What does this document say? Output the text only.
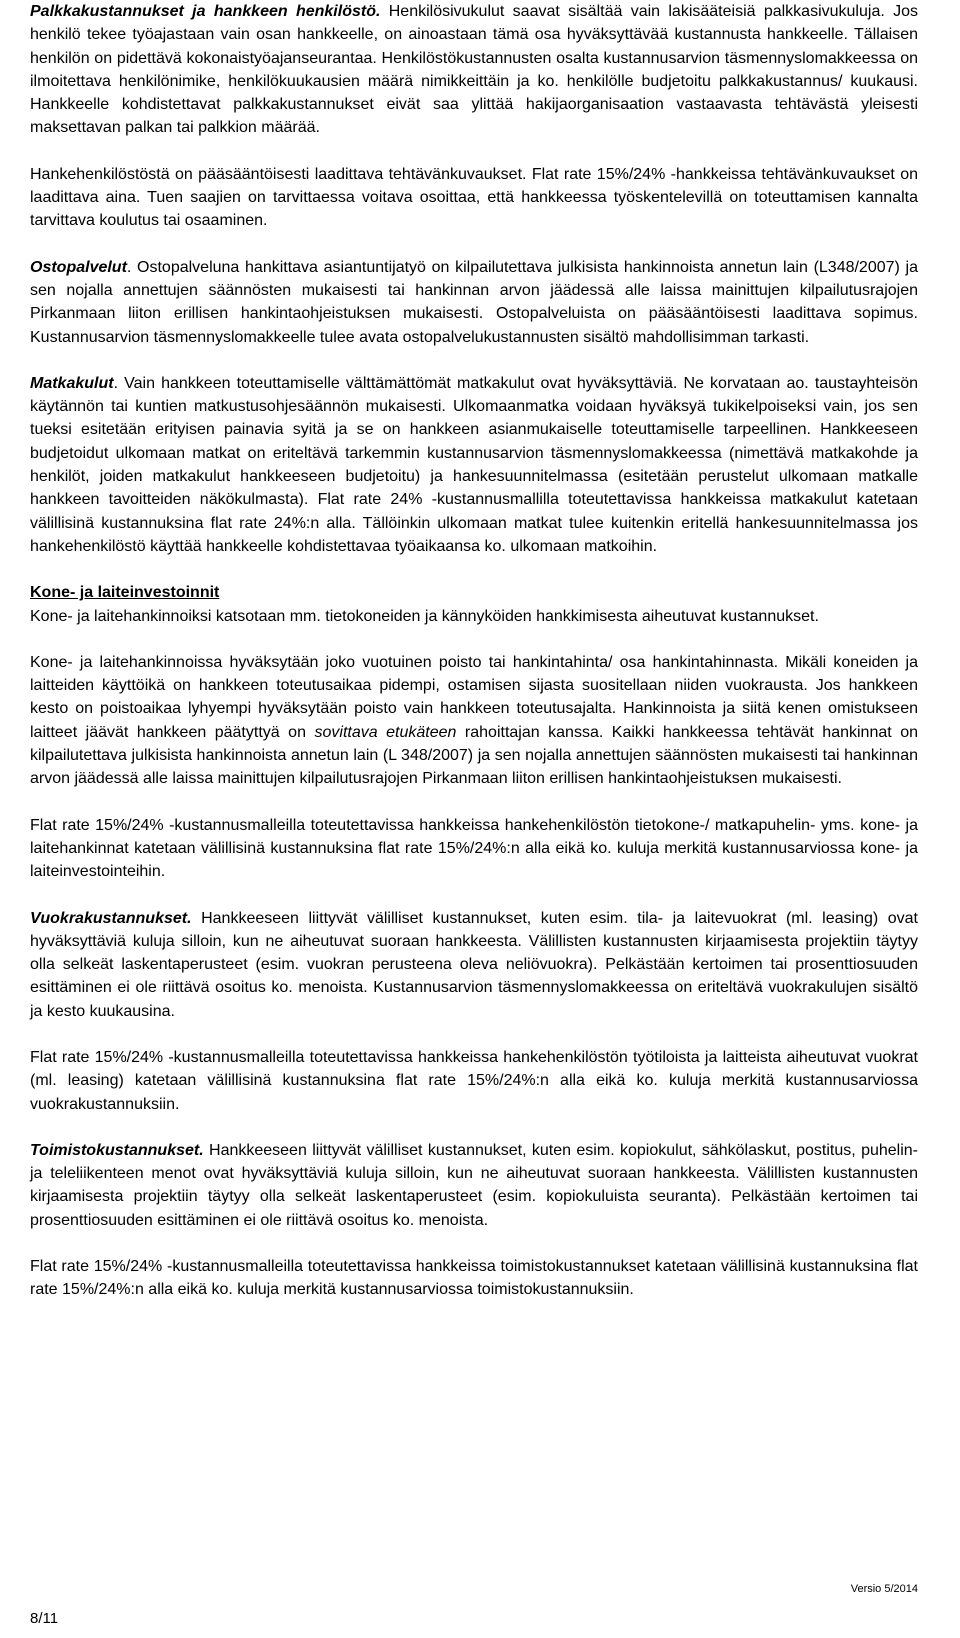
Palkkakustannukset ja hankkeen henkilöstö. Henkilösivukulut saavat sisältää vain lakisääteisiä palkkasivukuluja. Jos henkilö tekee työajastaan vain osan hankkeelle, on ainoastaan tämä osa hyväksyttävää kustannusta hankkeelle. Tällaisen henkilön on pidettävä kokonaistyöajanseurantaa. Henkilöstökustannusten osalta kustannusarvion täsmennyslomakkeessa on ilmoitettava henkilönimike, henkilökuukausien määrä nimikkeittäin ja ko. henkilölle budjetoitu palkkakustannus/ kuukausi. Hankkeelle kohdistettavat palkkakustannukset eivät saa ylittää hakijaorganisaation vastaavasta tehtävästä yleisesti maksettavan palkan tai palkkion määrää.

Hankehenkilöstöstä on pääsääntöisesti laadittava tehtävänkuvaukset. Flat rate 15%/24% -hankkeissa tehtävänkuvaukset on laadittava aina. Tuen saajien on tarvittaessa voitava osoittaa, että hankkeessa työskentelevillä on toteuttamisen kannalta tarvittava koulutus tai osaaminen.

Ostopalvelut. Ostopalveluna hankittava asiantuntijatyö on kilpailutettava julkisista hankinnoista annetun lain (L348/2007) ja sen nojalla annettujen säännösten mukaisesti tai hankinnan arvon jäädessä alle laissa mainittujen kilpailutusrajojen Pirkanmaan liiton erillisen hankintaohjeistuksen mukaisesti. Ostopalveluista on pääsääntöisesti laadittava sopimus. Kustannusarvion täsmennyslomakkeelle tulee avata ostopalvelukustannusten sisältö mahdollisimman tarkasti.

Matkakulut. Vain hankkeen toteuttamiselle välttämättömät matkakulut ovat hyväksyttäviä. Ne korvataan ao. taustayhteisön käytännön tai kuntien matkustusohjesäännön mukaisesti. Ulkomaanmatka voidaan hyväksyä tukikelpoiseksi vain, jos sen tueksi esitetään erityisen painavia syitä ja se on hankkeen asianmukaiselle toteuttamiselle tarpeellinen. Hankkeeseen budjetoidut ulkomaan matkat on eriteltävä tarkemmin kustannusarvion täsmennyslomakkeessa (nimettävä matkakohde ja henkilöt, joiden matkakulut hankkeeseen budjetoitu) ja hankesuunnitelmassa (esitetään perustelut ulkomaan matkalle hankkeen tavoitteiden näkökulmasta). Flat rate 24% -kustannusmallilla toteutettavissa hankkeissa matkakulut katetaan välillisinä kustannuksina flat rate 24%:n alla. Tällöinkin ulkomaan matkat tulee kuitenkin eritellä hankesuunnitelmassa jos hankehenkilöstö käyttää hankkeelle kohdistettavaa työaikaansa ko. ulkomaan matkoihin.

Kone- ja laiteinvestoinnit

Kone- ja laitehankinnoiksi katsotaan mm. tietokoneiden ja kännyköiden hankkimisesta aiheutuvat kustannukset.

Kone- ja laitehankinnoissa hyväksytään joko vuotuinen poisto tai hankintahinta/ osa hankintahinnasta. Mikäli koneiden ja laitteiden käyttöikä on hankkeen toteutusaikaa pidempi, ostamisen sijasta suositellaan niiden vuokrausta. Jos hankkeen kesto on poistoaikaa lyhyempi hyväksytään poisto vain hankkeen toteutusajalta. Hankinnoista ja siitä kenen omistukseen laitteet jäävät hankkeen päätyttyä on sovittava etukäteen rahoittajan kanssa. Kaikki hankkeessa tehtävät hankinnat on kilpailutettava julkisista hankinnoista annetun lain (L 348/2007) ja sen nojalla annettujen säännösten mukaisesti tai hankinnan arvon jäädessä alle laissa mainittujen kilpailutusrajojen Pirkanmaan liiton erillisen hankintaohjeistuksen mukaisesti.

Flat rate 15%/24% -kustannusmalleilla toteutettavissa hankkeissa hankehenkilöstön tietokone-/ matkapuhelin- yms. kone- ja laitehankinnat katetaan välillisinä kustannuksina flat rate 15%/24%:n alla eikä ko. kuluja merkitä kustannusarviossa kone- ja laiteinvestointeihin.

Vuokrakustannukset. Hankkeeseen liittyvät välilliset kustannukset, kuten esim. tila- ja laitevuokrat (ml. leasing) ovat hyväksyttäviä kuluja silloin, kun ne aiheutuvat suoraan hankkeesta. Välillisten kustannusten kirjaamisesta projektiin täytyy olla selkeät laskentaperusteet (esim. vuokran perusteena oleva neliövuokra). Pelkästään kertoimen tai prosenttiosuuden esittäminen ei ole riittävä osoitus ko. menoista. Kustannusarvion täsmennyslomakkeessa on eriteltävä vuokrakulujen sisältö ja kesto kuukausina.

Flat rate 15%/24% -kustannusmalleilla toteutettavissa hankkeissa hankehenkilöstön työtiloista ja laitteista aiheutuvat vuokrat (ml. leasing) katetaan välillisinä kustannuksina flat rate 15%/24%:n alla eikä ko. kuluja merkitä kustannusarviossa vuokrakustannuksiin.

Toimistokustannukset. Hankkeeseen liittyvät välilliset kustannukset, kuten esim. kopiokulut, sähkölaskut, postitus, puhelin- ja teleliikenteen menot ovat hyväksyttäviä kuluja silloin, kun ne aiheutuvat suoraan hankkeesta. Välillisten kustannusten kirjaamisesta projektiin täytyy olla selkeät laskentaperusteet (esim. kopiokuluista seuranta). Pelkästään kertoimen tai prosenttiosuuden esittäminen ei ole riittävä osoitus ko. menoista.

Flat rate 15%/24% -kustannusmalleilla toteutettavissa hankkeissa toimistokustannukset katetaan välillisinä kustannuksina flat rate 15%/24%:n alla eikä ko. kuluja merkitä kustannusarviossa toimistokustannuksiin.

Versio 5/2014
8/11
